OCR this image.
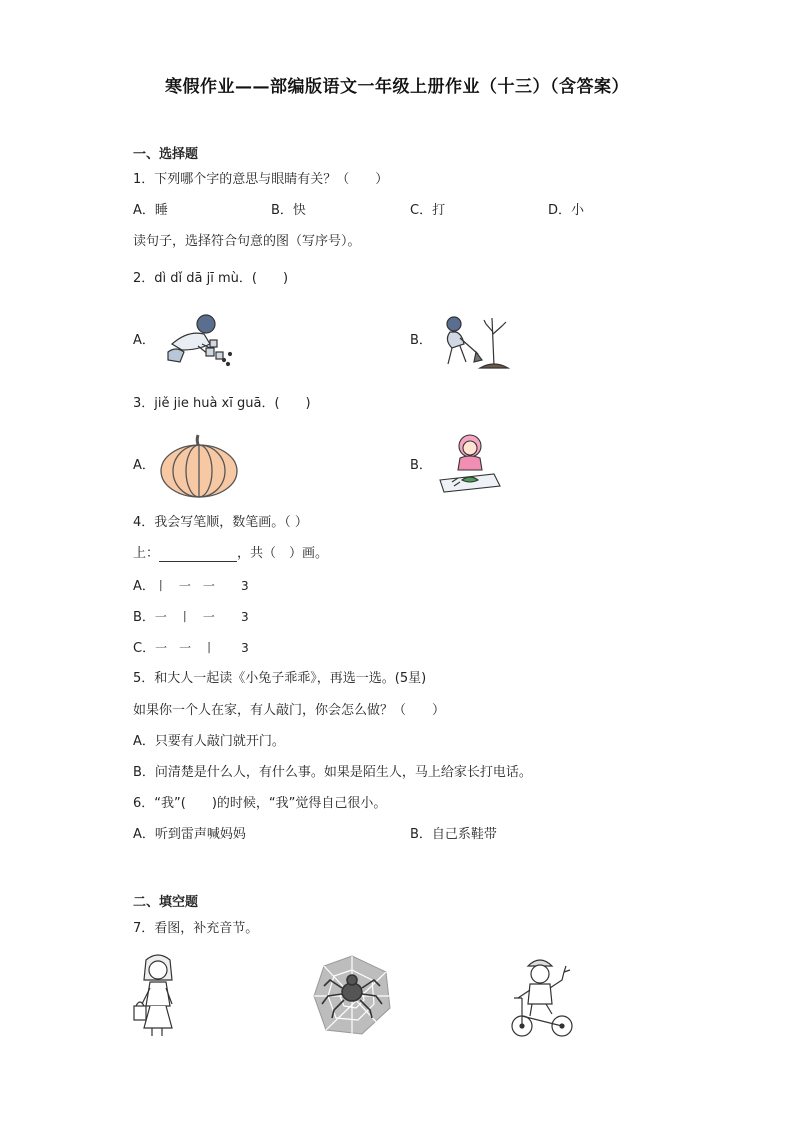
寒假作业——部编版语文一年级上册作业（十三）（含答案）
一、选择题
1．下列哪个字的意思与眼睛有关？（　　）
A．睡	B．快	C．打	D．小
读句子，选择符合句意的图（写序号）。
2．dì dǐ dā jī mù．(　　)
A．	B．
3．jiě jie huà xī guā．(　　)
A．	B．
4．我会写笔顺，数笔画。（ ）
上：	，共（　）画。
A．丨　一　一　　 3
B．一　丨　一　　 3
C．一　一　丨　　 3
5．和大人一起读《小兔子乖乖》，再选一选。(5星)
如果你一个人在家，有人敲门，你会怎么做？（　　）
A．只要有人敲门就开门。
B．问清楚是什么人，有什么事。如果是陌生人，马上给家长打电话。
6．“我”(　　)的时候，“我”觉得自己很小。
A．听到雷声喊妈妈	B．自己系鞋带
二、填空题
7．看图，补充音节。
